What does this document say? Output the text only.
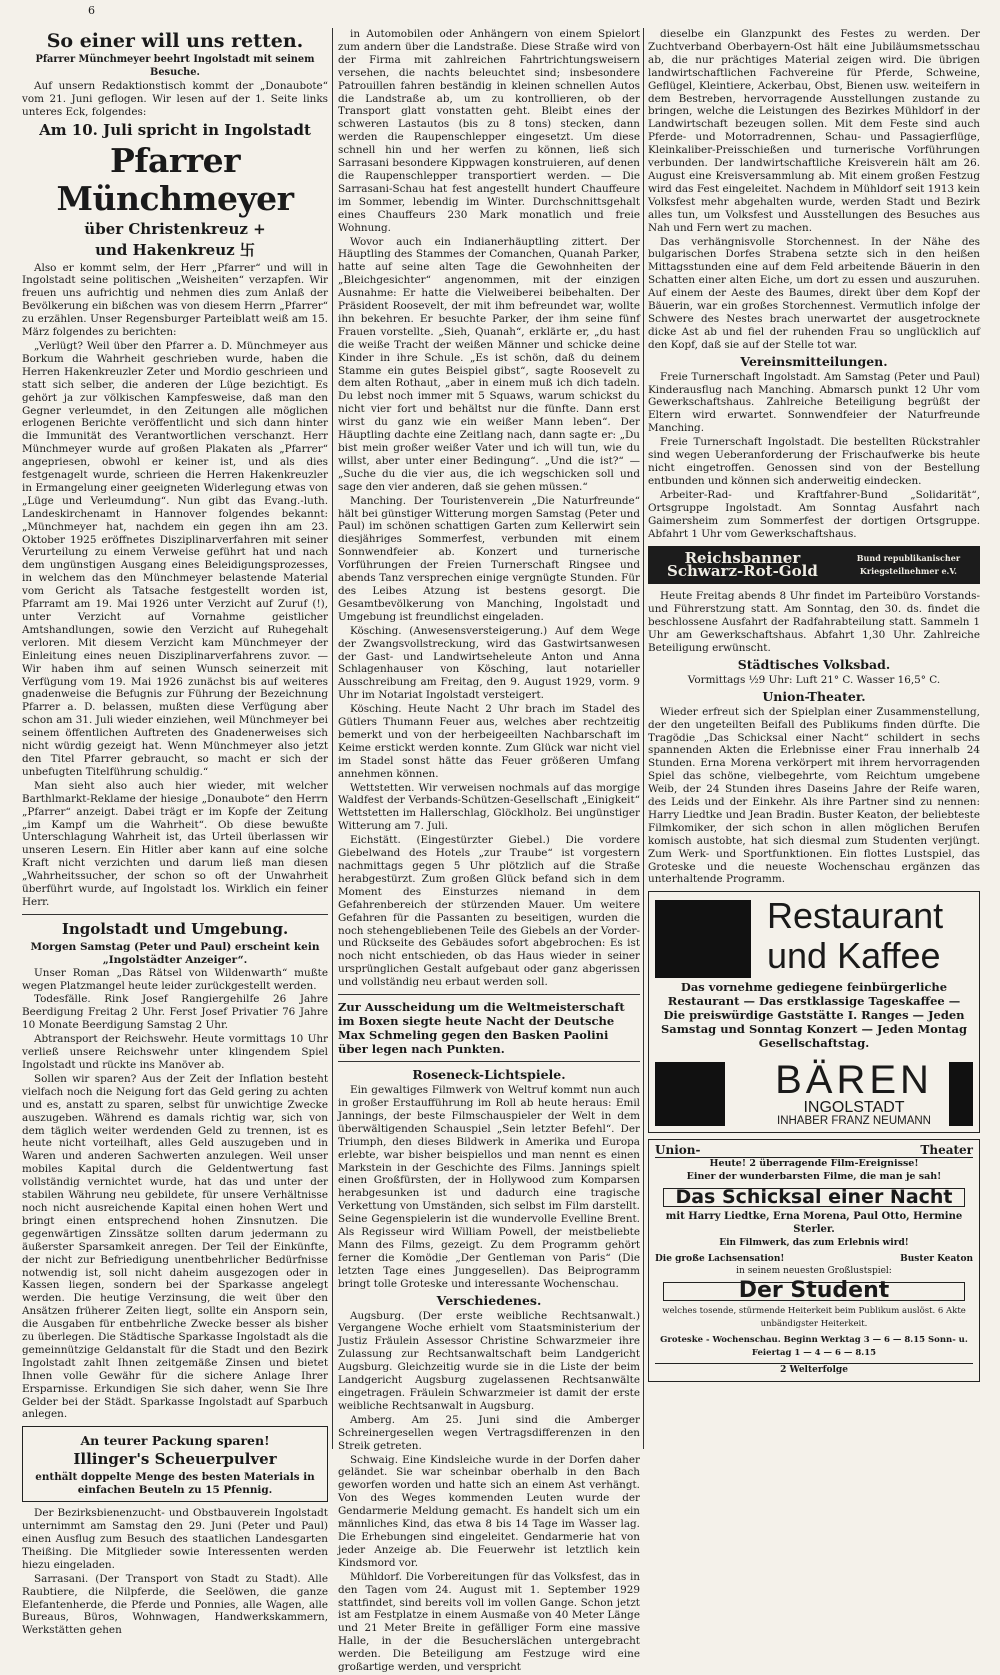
6
So einer will uns retten.
Pfarrer Münchmeyer beehrt Ingolstadt mit seinem Besuche.

Auf unsern Redaktionstisch kommt der „Donaubote“ vom 21. Juni geflogen. Wir lesen auf der 1. Seite links unteres Eck, folgendes:

Am 10. Juli spricht in Ingolstadt
Pfarrer Münchmeyer
über Christenkreuz +
und Hakenkreuz 卐

Also er kommt selm, der Herr „Pfarrer“ und will in Ingolstadt seine politischen „Weisheiten“ verzapfen. Wir freuen uns aufrichtig und nehmen dies zum Anlaß der Bevölkerung ein bißchen was von diesem Herrn „Pfarrer“ zu erzählen. Unser Regensburger Parteiblatt weiß am 15. März folgendes zu berichten:

„Verlügt? Weil über den Pfarrer a. D. Münchmeyer aus Borkum die Wahrheit geschrieben wurde, haben die Herren Hakenkreuzler Zeter und Mordio geschrieen und statt sich selber, die anderen der Lüge bezichtigt. Es gehört ja zur völkischen Kampfesweise, daß man den Gegner verleumdet, in den Zeitungen alle möglichen erlogenen Berichte veröffentlicht und sich dann hinter die Immunität des Verantwortlichen verschanzt. Herr Münchmeyer wurde auf großen Plakaten als „Pfarrer“ angepriesen, obwohl er keiner ist, und als dies festgenagelt wurde, schrieen die Herren Hakenkreuzler in Ermangelung einer geeigneten Widerlegung etwas von „Lüge und Verleumdung“. Nun gibt das Evang.-luth. Landeskirchenamt in Hannover folgendes bekannt: „Münchmeyer hat, nachdem ein gegen ihn am 23. Oktober 1925 eröffnetes Disziplinarverfahren mit seiner Verurteilung zu einem Verweise geführt hat und nach dem ungünstigen Ausgang eines Beleidigungsprozesses, in welchem das den Münchmeyer belastende Material vom Gericht als Tatsache festgestellt worden ist, Pfarramt am 19. Mai 1926 unter Verzicht auf Zuruf (!), unter Verzicht auf Vornahme geistlicher Amtshandlungen, sowie den Verzicht auf Ruhegehalt verloren. Mit diesem Verzicht kam Münchmeyer der Einleitung eines neuen Disziplinarverfahrens zuvor. — Wir haben ihm auf seinen Wunsch seinerzeit mit Verfügung vom 19. Mai 1926 zunächst bis auf weiteres gnadenweise die Befugnis zur Führung der Bezeichnung Pfarrer a. D. belassen, mußten diese Verfügung aber schon am 31. Juli wieder einziehen, weil Münchmeyer bei seinem öffentlichen Auftreten des Gnadenerweises sich nicht würdig gezeigt hat. Wenn Münchmeyer also jetzt den Titel Pfarrer gebraucht, so macht er sich der unbefugten Titelführung schuldig.“

Man sieht also auch hier wieder, mit welcher Barthlmarkt-Reklame der hiesige „Donaubote“ den Herrn „Pfarrer“ anzeigt. Dabei trägt er im Kopfe der Zeitung „im Kampf um die Wahrheit“. Ob diese bewußte Unterschlagung Wahrheit ist, das Urteil überlassen wir unseren Lesern. Ein Hitler aber kann auf eine solche Kraft nicht verzichten und darum ließ man diesen „Wahrheitssucher, der schon so oft der Unwahrheit überführt wurde, auf Ingolstadt los. Wirklich ein feiner Herr.

Ingolstadt und Umgebung.
Morgen Samstag (Peter und Paul) erscheint kein „Ingolstädter Anzeiger“.

Unser Roman „Das Rätsel von Wildenwarth“ mußte wegen Platzmangel heute leider zurückgestellt werden.

Todesfälle. Rink Josef Rangiergehilfe 26 Jahre Beerdigung Freitag 2 Uhr. Ferst Josef Privatier 76 Jahre 10 Monate Beerdigung Samstag 2 Uhr.

Abtransport der Reichswehr. Heute vormittags 10 Uhr verließ unsere Reichswehr unter klingendem Spiel Ingolstadt und rückte ins Manöver ab.

Sollen wir sparen? Aus der Zeit der Inflation besteht vielfach noch die Neigung fort das Geld gering zu achten und es, anstatt zu sparen, selbst für unwichtige Zwecke auszugeben. Während es damals richtig war, sich von dem täglich weiter werdenden Geld zu trennen, ist es heute nicht vorteilhaft, alles Geld auszugeben und in Waren und anderen Sachwerten anzulegen. Weil unser mobiles Kapital durch die Geldentwertung fast vollständig vernichtet wurde, hat das und unter der stabilen Währung neu gebildete, für unsere Verhältnisse noch nicht ausreichende Kapital einen hohen Wert und bringt einen entsprechend hohen Zinsnutzen. Die gegenwärtigen Zinssätze sollten darum jedermann zu äußerster Sparsamkeit anregen. Der Teil der Einkünfte, der nicht zur Befriedigung unentbehrlicher Bedürfnisse notwendig ist, soll nicht daheim ausgezogen oder in Kassen liegen, sondern bei der Sparkasse angelegt werden. Die heutige Verzinsung, die weit über den Ansätzen früherer Zeiten liegt, sollte ein Ansporn sein, die Ausgaben für entbehrliche Zwecke besser als bisher zu überlegen. Die Städtische Sparkasse Ingolstadt als die gemeinnützige Geldanstalt für die Stadt und den Bezirk Ingolstadt zahlt Ihnen zeitgemäße Zinsen und bietet Ihnen volle Gewähr für die sichere Anlage Ihrer Ersparnisse. Erkundigen Sie sich daher, wenn Sie Ihre Gelder bei der Städt. Sparkasse Ingolstadt auf Sparbuch anlegen.

An teurer Packung sparen!
Illinger's Scheuerpulver
enthält doppelte Menge des besten Materials in einfachen Beuteln zu 15 Pfennig.

Der Bezirksbienenzucht- und Obstbauverein Ingolstadt unternimmt am Samstag den 29. Juni (Peter und Paul) einen Ausflug zum Besuch des staatlichen Landesgarten Theißing. Die Mitglieder sowie Interessenten werden hiezu eingeladen.

Sarrasani. (Der Transport von Stadt zu Stadt). Alle Raubtiere, die Nilpferde, die Seelöwen, die ganze Elefantenherde, die Pferde und Ponnies, alle Wagen, alle Bureaus, Büros, Wohnwagen, Handwerkskammern, Werkstätten gehen

in Automobilen oder Anhängern von einem Spielort zum andern über die Landstraße. Diese Straße wird von der Firma mit zahlreichen Fahrtrichtungsweisern versehen, die nachts beleuchtet sind; insbesondere Patrouillen fahren beständig in kleinen schnellen Autos die Landstraße ab, um zu kontrollieren, ob der Transport glatt vonstatten geht. Bleibt eines der schweren Lastautos (bis zu 8 tons) stecken, dann werden die Raupenschlepper eingesetzt. Um diese schnell hin und her werfen zu können, ließ sich Sarrasani besondere Kippwagen konstruieren, auf denen die Raupenschlepper transportiert werden. — Die Sarrasani-Schau hat fest angestellt hundert Chauffeure im Sommer, lebendig im Winter. Durchschnittsgehalt eines Chauffeurs 230 Mark monatlich und freie Wohnung.

Wovor auch ein Indianerhäuptling zittert. Der Häuptling des Stammes der Comanchen, Quanah Parker, hatte auf seine alten Tage die Gewohnheiten der „Bleichgesichter“ angenommen, mit der einzigen Ausnahme: Er hatte die Vielweiberei beibehalten. Der Präsident Roosevelt, der mit ihm befreundet war, wollte ihn bekehren. Er besuchte Parker, der ihm seine fünf Frauen vorstellte. „Sieh, Quanah“, erklärte er, „du hast die weiße Tracht der weißen Männer und schicke deine Kinder in ihre Schule. „Es ist schön, daß du deinem Stamme ein gutes Beispiel gibst“, sagte Roosevelt zu dem alten Rothaut, „aber in einem muß ich dich tadeln. Du lebst noch immer mit 5 Squaws, warum schickst du nicht vier fort und behältst nur die fünfte. Dann erst wirst du ganz wie ein weißer Mann leben“. Der Häuptling dachte eine Zeitlang nach, dann sagte er: „Du bist mein großer weißer Vater und ich will tun, wie du willst, aber unter einer Bedingung“. „Und die ist?“ — „Suche du die vier aus, die ich wegschicken soll und sage den vier anderen, daß sie gehen müssen.“

Manching. Der Touristenverein „Die Naturfreunde“ hält bei günstiger Witterung morgen Samstag (Peter und Paul) im schönen schattigen Garten zum Kellerwirt sein diesjähriges Sommerfest, verbunden mit einem Sonnwendfeier ab. Konzert und turnerische Vorführungen der Freien Turnerschaft Ringsee und abends Tanz versprechen einige vergnügte Stunden. Für des Leibes Atzung ist bestens gesorgt. Die Gesamtbevölkerung von Manching, Ingolstadt und Umgebung ist freundlichst eingeladen.

Kösching. (Anwesensversteigerung.) Auf dem Wege der Zwangsvollstreckung, wird das Gastwirtsanwesen der Gast- und Landwirtseheleute Anton und Anna Schlagenhauser von Kösching, laut notarieller Ausschreibung am Freitag, den 9. August 1929, vorm. 9 Uhr im Notariat Ingolstadt versteigert.

Kösching. Heute Nacht 2 Uhr brach im Stadel des Gütlers Thumann Feuer aus, welches aber rechtzeitig bemerkt und von der herbeigeeilten Nachbarschaft im Keime erstickt werden konnte. Zum Glück war nicht viel im Stadel sonst hätte das Feuer größeren Umfang annehmen können.

Wettstetten. Wir verweisen nochmals auf das morgige Waldfest der Verbands-Schützen-Gesellschaft „Einigkeit“ Wettstetten im Hallerschlag, Glöcklholz. Bei ungünstiger Witterung am 7. Juli.

Eichstätt. (Eingestürzter Giebel.) Die vordere Giebelwand des Hotels „zur Traube“ ist vorgestern nachmittags gegen 5 Uhr plötzlich auf die Straße herabgestürzt. Zum großen Glück befand sich in dem Moment des Einsturzes niemand in dem Gefahrenbereich der stürzenden Mauer. Um weitere Gefahren für die Passanten zu beseitigen, wurden die noch stehengebliebenen Teile des Giebels an der Vorder- und Rückseite des Gebäudes sofort abgebrochen: Es ist noch nicht entschieden, ob das Haus wieder in seiner ursprünglichen Gestalt aufgebaut oder ganz abgerissen und vollständig neu erbaut werden soll.

Zur Ausscheidung um die Weltmeisterschaft im Boxen siegte heute Nacht der Deutsche Max Schmeling gegen den Basken Paolini über legen nach Punkten.
Roseneck-Lichtspiele.

Ein gewaltiges Filmwerk von Weltruf kommt nun auch in großer Erstaufführung im Roll ab heute heraus: Emil Jannings, der beste Filmschauspieler der Welt in dem überwältigenden Schauspiel „Sein letzter Befehl“. Der Triumph, den dieses Bildwerk in Amerika und Europa erlebte, war bisher beispiellos und man nennt es einen Markstein in der Geschichte des Films. Jannings spielt einen Großfürsten, der in Hollywood zum Komparsen herabgesunken ist und dadurch eine tragische Verkettung von Umständen, sich selbst im Film darstellt. Seine Gegenspielerin ist die wundervolle Evelline Brent. Als Regisseur wird William Powell, der meistbeliebte Mann des Films, gezeigt. Zu dem Programm gehört ferner die Komödie „Der Gentleman von Paris“ (Die letzten Tage eines Junggesellen). Das Beiprogramm bringt tolle Groteske und interessante Wochenschau.

Verschiedenes.

Augsburg. (Der erste weibliche Rechtsanwalt.) Vergangene Woche erhielt vom Staatsministerium der Justiz Fräulein Assessor Christine Schwarzmeier ihre Zulassung zur Rechtsanwaltschaft beim Landgericht Augsburg. Gleichzeitig wurde sie in die Liste der beim Landgericht Augsburg zugelassenen Rechtsanwälte eingetragen. Fräulein Schwarzmeier ist damit der erste weibliche Rechtsanwalt in Augsburg.

Amberg. Am 25. Juni sind die Amberger Schreinergesellen wegen Vertragsdifferenzen in den Streik getreten.

Schwaig. Eine Kindsleiche wurde in der Dorfen daher geländet. Sie war scheinbar oberhalb in den Bach geworfen worden und hatte sich an einem Ast verhängt. Von des Weges kommenden Leuten wurde der Gendarmerie Meldung gemacht. Es handelt sich um ein männliches Kind, das etwa 8 bis 14 Tage im Wasser lag. Die Erhebungen sind eingeleitet. Gendarmerie hat von jeder Anzeige ab. Die Feuerwehr ist letztlich kein Kindsmord vor.

Mühldorf. Die Vorbereitungen für das Volksfest, das in den Tagen vom 24. August mit 1. September 1929 stattfindet, sind bereits voll im vollen Gange. Schon jetzt ist am Festplatze in einem Ausmaße von 40 Meter Länge und 21 Meter Breite in gefälliger Form eine massive Halle, in der die Besucherslächen untergebracht werden. Die Beteiligung am Festzuge wird eine großartige werden, und verspricht

dieselbe ein Glanzpunkt des Festes zu werden. Der Zuchtverband Oberbayern-Ost hält eine Jubiläumsmetsschau ab, die nur prächtiges Material zeigen wird. Die übrigen landwirtschaftlichen Fachvereine für Pferde, Schweine, Geflügel, Kleintiere, Ackerbau, Obst, Bienen usw. weiteifern in dem Bestreben, hervorragende Ausstellungen zustande zu bringen, welche die Leistungen des Bezirkes Mühldorf in der Landwirtschaft bezeugen sollen. Mit dem Feste sind auch Pferde- und Motorradrennen, Schau- und Passagierflüge, Kleinkaliber-Preisschießen und turnerische Vorführungen verbunden. Der landwirtschaftliche Kreisverein hält am 26. August eine Kreisversammlung ab. Mit einem großen Festzug wird das Fest eingeleitet. Nachdem in Mühldorf seit 1913 kein Volksfest mehr abgehalten wurde, werden Stadt und Bezirk alles tun, um Volksfest und Ausstellungen des Besuches aus Nah und Fern wert zu machen.

Das verhängnisvolle Storchennest. In der Nähe des bulgarischen Dorfes Strabena setzte sich in den heißen Mittagsstunden eine auf dem Feld arbeitende Bäuerin in den Schatten einer alten Eiche, um dort zu essen und auszuruhen. Auf einem der Aeste des Baumes, direkt über dem Kopf der Bäuerin, war ein großes Storchennest. Vermutlich infolge der Schwere des Nestes brach unerwartet der ausgetrocknete dicke Ast ab und fiel der ruhenden Frau so unglücklich auf den Kopf, daß sie auf der Stelle tot war.

Vereinsmitteilungen.

Freie Turnerschaft Ingolstadt. Am Samstag (Peter und Paul) Kinderausflug nach Manching. Abmarsch punkt 12 Uhr vom Gewerkschaftshaus. Zahlreiche Beteiligung begrüßt der Eltern wird erwartet. Sonnwendfeier der Naturfreunde Manching.

Freie Turnerschaft Ingolstadt. Die bestellten Rückstrahler sind wegen Ueberanforderung der Frischaufwerke bis heute nicht eingetroffen. Genossen sind von der Bestellung entbunden und können sich anderweitig eindecken.

Arbeiter-Rad- und Kraftfahrer-Bund „Solidarität“, Ortsgruppe Ingolstadt. Am Sonntag Ausfahrt nach Gaimersheim zum Sommerfest der dortigen Ortsgruppe. Abfahrt 1 Uhr vom Gewerkschaftshaus.

Reichsbanner Schwarz-Rot-Gold
Bund republikanischer Kriegsteilnehmer e.V.

Heute Freitag abends 8 Uhr findet im Parteibüro Vorstands- und Führerstzung statt. Am Sonntag, den 30. ds. findet die beschlossene Ausfahrt der Radfahrabteilung statt. Sammeln 1 Uhr am Gewerkschaftshaus. Abfahrt 1,30 Uhr. Zahlreiche Beteiligung erwünscht.

Städtisches Volksbad.

Vormittags ½9 Uhr: Luft 21° C. Wasser 16,5° C.

Union-Theater.

Wieder erfreut sich der Spielplan einer Zusammenstellung, der den ungeteilten Beifall des Publikums finden dürfte. Die Tragödie „Das Schicksal einer Nacht“ schildert in sechs spannenden Akten die Erlebnisse einer Frau innerhalb 24 Stunden. Erna Morena verkörpert mit ihrem hervorragenden Spiel das schöne, vielbegehrte, vom Reichtum umgebene Weib, der 24 Stunden ihres Daseins Jahre der Reife waren, des Leids und der Einkehr. Als ihre Partner sind zu nennen: Harry Liedtke und Jean Bradin. Buster Keaton, der beliebteste Filmkomiker, der sich schon in allen möglichen Berufen komisch austobte, hat sich diesmal zum Studenten verjüngt. Zum Werk- und Sportfunktionen. Ein flottes Lustspiel, das Groteske und die neueste Wochenschau ergänzen das unterhaltende Programm.

Restaurant
und Kaffee
Das vornehme gediegene feinbürgerliche Restaurant — Das erstklassige Tageskaffee — Die preiswürdige Gaststätte I. Ranges — Jeden Samstag und Sonntag Konzert — Jeden Montag Gesellschaftstag.
BÄREN
INGOLSTADT
INHABER FRANZ NEUMANN
Union-	Theater
Heute! 2 überragende Film-Ereignisse!
Einer der wunderbarsten Filme, die man je sah!
Das Schicksal einer Nacht
mit Harry Liedtke, Erna Morena, Paul Otto, Hermine Sterler.
Ein Filmwerk, das zum Erlebnis wird!
Die große Lachsensation!	Buster Keaton
in seinem neuesten Großlustspiel:
Der Student
welches tosende, stürmende Heiterkeit beim Publikum auslöst. 6 Akte unbändigster Heiterkeit.
Groteske - Wochenschau. Beginn Werktag 3 — 6 — 8.15 Sonn- u. Feiertag 1 — 4 — 6 — 8.15
2 Welterfolge
